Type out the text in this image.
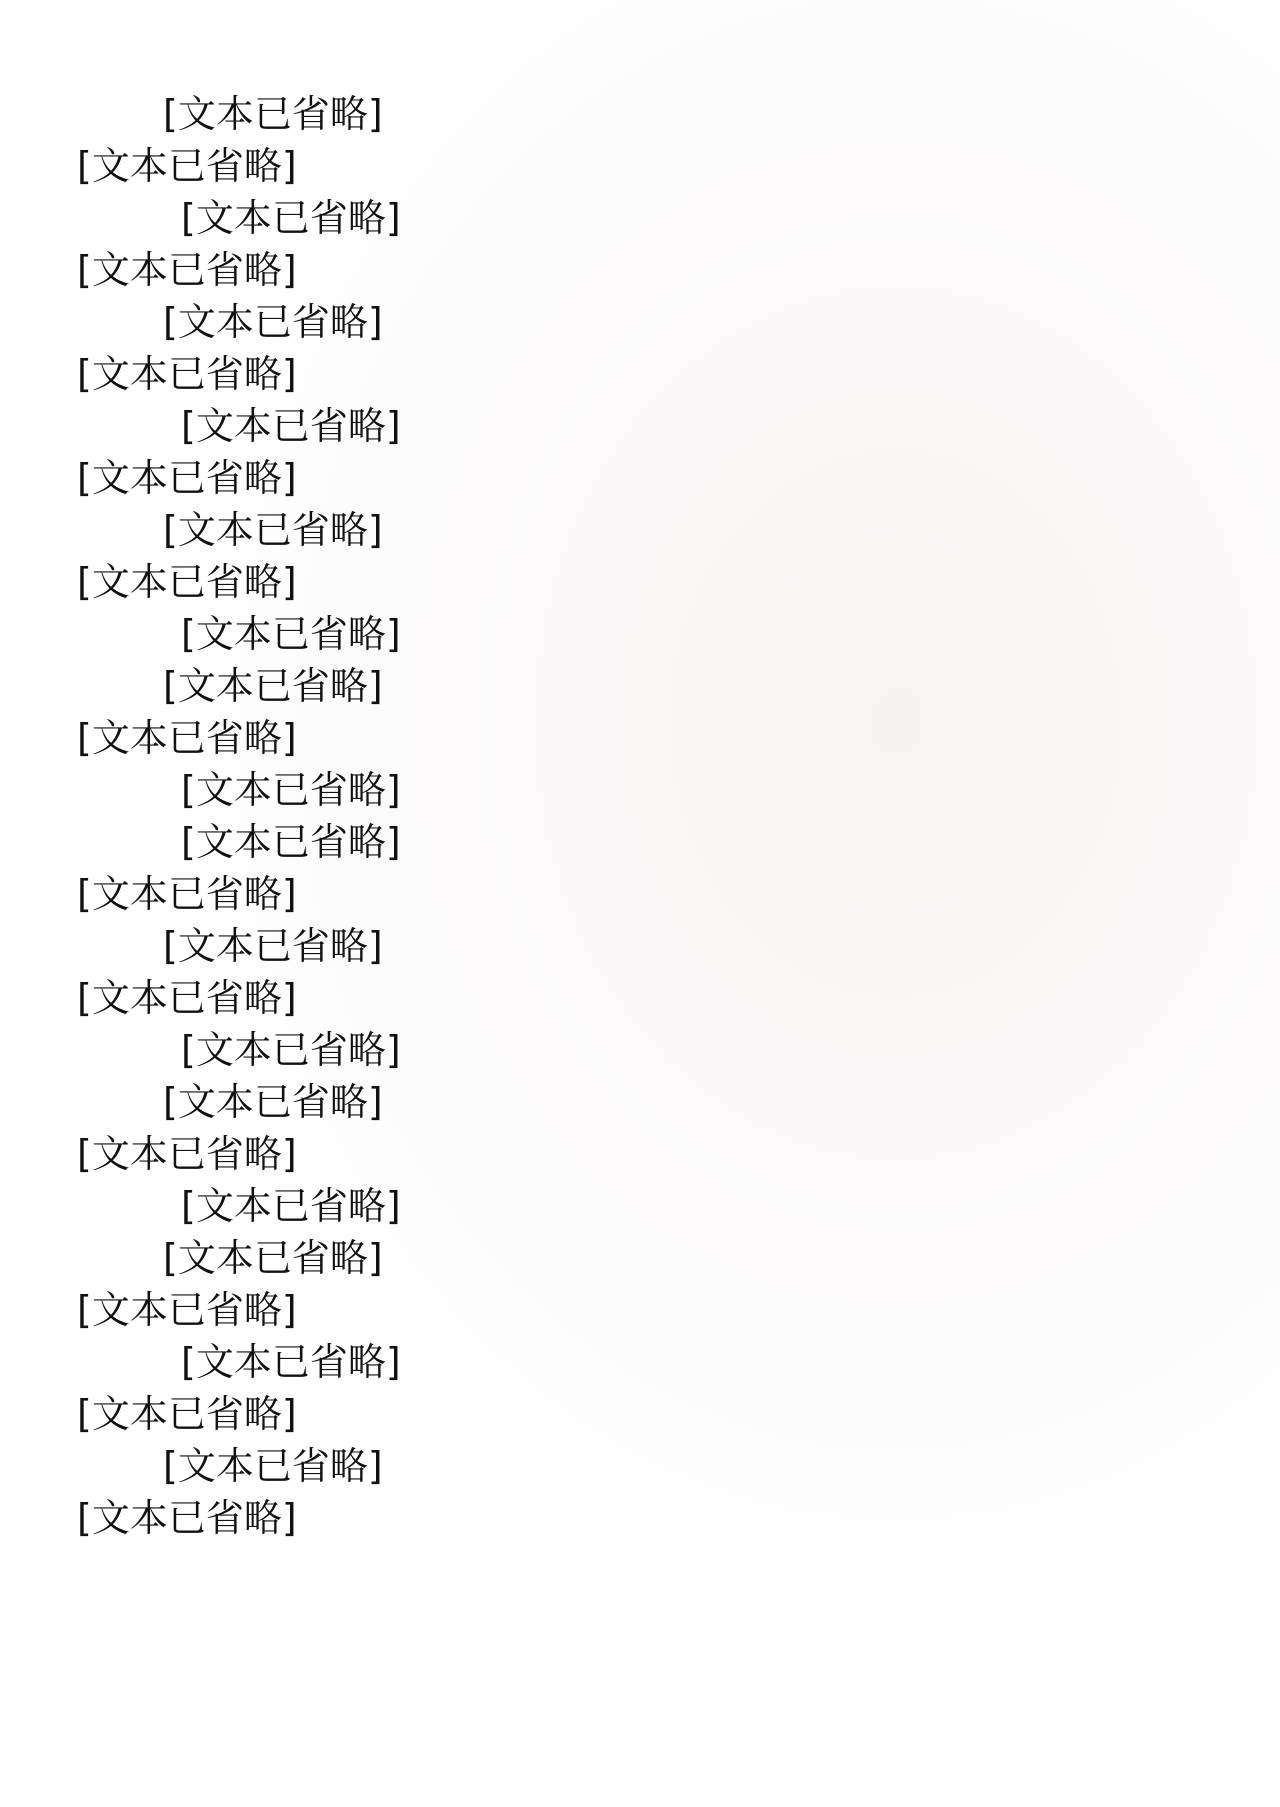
[文本已省略]
[文本已省略]
[文本已省略]
[文本已省略]
[文本已省略]
[文本已省略]
[文本已省略]
[文本已省略]
[文本已省略]
[文本已省略]
[文本已省略]
[文本已省略]
[文本已省略]
[文本已省略]
[文本已省略]
[文本已省略]
[文本已省略]
[文本已省略]
[文本已省略]
[文本已省略]
[文本已省略]
[文本已省略]
[文本已省略]
[文本已省略]
[文本已省略]
[文本已省略]
[文本已省略]
[文本已省略]
